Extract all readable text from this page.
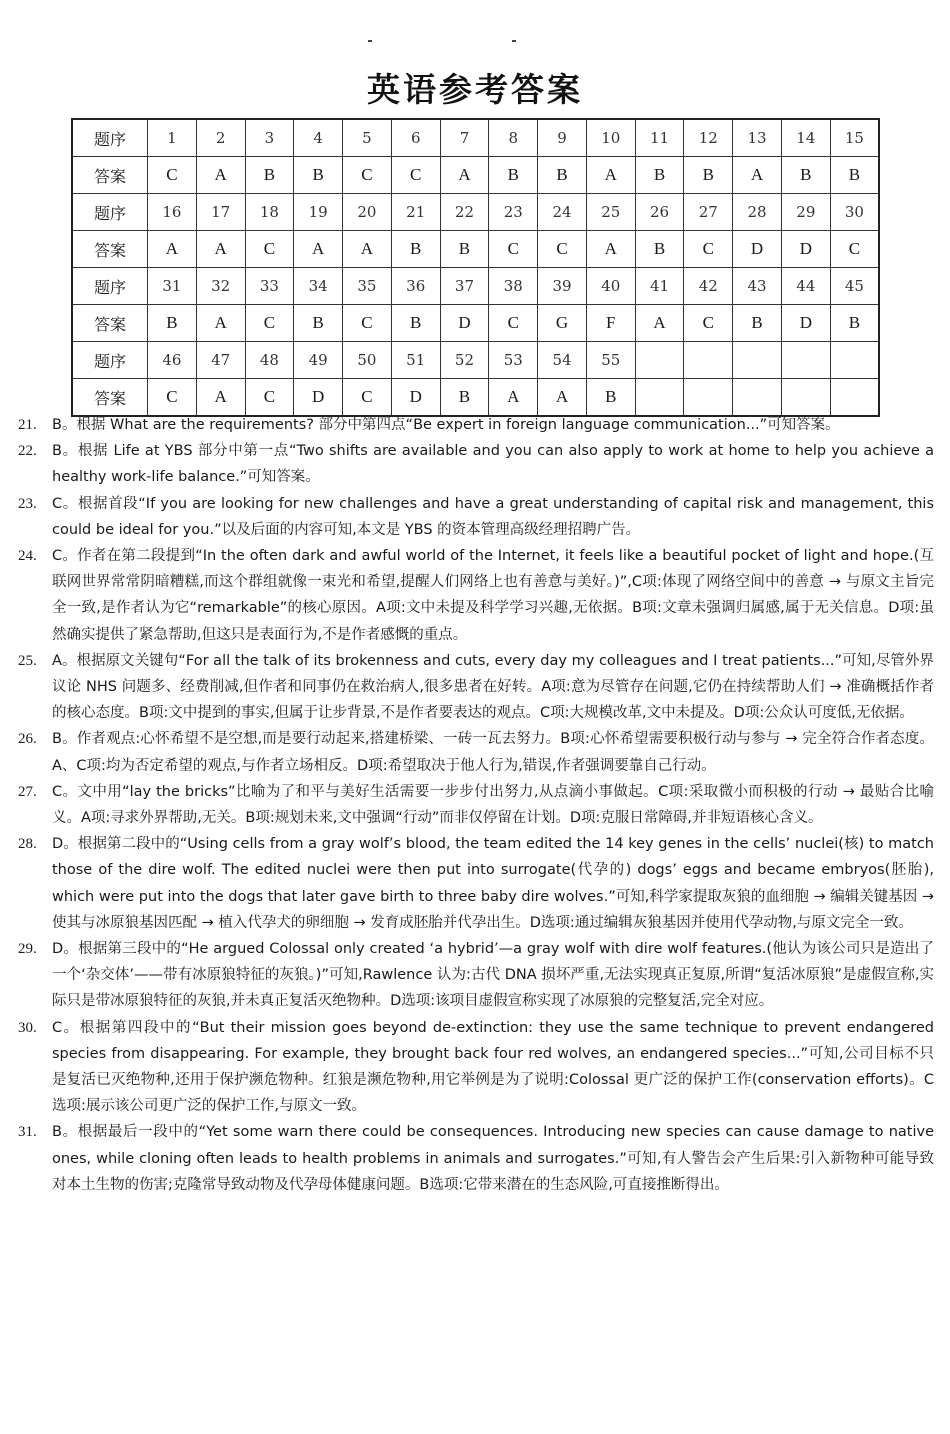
英语参考答案
题序	1	2	3	4	5	6	7	8	9	10	11	12	13	14	15
答案	C	A	B	B	C	C	A	B	B	A	B	B	A	B	B
题序	16	17	18	19	20	21	22	23	24	25	26	27	28	29	30
答案	A	A	C	A	A	B	B	C	C	A	B	C	D	D	C
题序	31	32	33	34	35	36	37	38	39	40	41	42	43	44	45
答案	B	A	C	B	C	B	D	C	G	F	A	C	B	D	B
题序	46	47	48	49	50	51	52	53	54	55					
答案	C	A	C	D	C	D	B	A	A	B					
21. B。根据 What are the requirements? 部分中第四点“Be expert in foreign language communication...”可知答案。
22. B。根据 Life at YBS 部分中第一点“Two shifts are available and you can also apply to work at home to help you achieve a healthy work-life balance.”可知答案。
23. C。根据首段“If you are looking for new challenges and have a great understanding of capital risk and management, this could be ideal for you.”以及后面的内容可知,本文是 YBS 的资本管理高级经理招聘广告。
24. C。作者在第二段提到“In the often dark and awful world of the Internet, it feels like a beautiful pocket of light and hope.(互联网世界常常阴暗糟糕,而这个群组就像一束光和希望,提醒人们网络上也有善意与美好。)”,C项:体现了网络空间中的善意 → 与原文主旨完全一致,是作者认为它“remarkable”的核心原因。A项:文中未提及科学学习兴趣,无依据。B项:文章未强调归属感,属于无关信息。D项:虽然确实提供了紧急帮助,但这只是表面行为,不是作者感慨的重点。
25. A。根据原文关键句“For all the talk of its brokenness and cuts, every day my colleagues and I treat patients...”可知,尽管外界议论 NHS 问题多、经费削减,但作者和同事仍在救治病人,很多患者在好转。A项:意为尽管存在问题,它仍在持续帮助人们 → 准确概括作者的核心态度。B项:文中提到的事实,但属于让步背景,不是作者要表达的观点。C项:大规模改革,文中未提及。D项:公众认可度低,无依据。
26. B。作者观点:心怀希望不是空想,而是要行动起来,搭建桥梁、一砖一瓦去努力。B项:心怀希望需要积极行动与参与 → 完全符合作者态度。A、C项:均为否定希望的观点,与作者立场相反。D项:希望取决于他人行为,错误,作者强调要靠自己行动。
27. C。文中用“lay the bricks”比喻为了和平与美好生活需要一步步付出努力,从点滴小事做起。C项:采取微小而积极的行动 → 最贴合比喻义。A项:寻求外界帮助,无关。B项:规划未来,文中强调“行动”而非仅停留在计划。D项:克服日常障碍,并非短语核心含义。
28. D。根据第二段中的“Using cells from a gray wolf’s blood, the team edited the 14 key genes in the cells’ nuclei(核) to match those of the dire wolf. The edited nuclei were then put into surrogate(代孕的) dogs’ eggs and became embryos(胚胎), which were put into the dogs that later gave birth to three baby dire wolves.”可知,科学家提取灰狼的血细胞 → 编辑关键基因 → 使其与冰原狼基因匹配 → 植入代孕犬的卵细胞 → 发育成胚胎并代孕出生。D选项:通过编辑灰狼基因并使用代孕动物,与原文完全一致。
29. D。根据第三段中的“He argued Colossal only created ‘a hybrid’—a gray wolf with dire wolf features.(他认为该公司只是造出了一个‘杂交体’——带有冰原狼特征的灰狼。)”可知,Rawlence 认为:古代 DNA 损坏严重,无法实现真正复原,所谓“复活冰原狼”是虚假宣称,实际只是带冰原狼特征的灰狼,并未真正复活灭绝物种。D选项:该项目虚假宣称实现了冰原狼的完整复活,完全对应。
30. C。根据第四段中的“But their mission goes beyond de-extinction: they use the same technique to prevent endangered species from disappearing. For example, they brought back four red wolves, an endangered species...”可知,公司目标不只是复活已灭绝物种,还用于保护濒危物种。红狼是濒危物种,用它举例是为了说明:Colossal 更广泛的保护工作(conservation efforts)。C选项:展示该公司更广泛的保护工作,与原文一致。
31. B。根据最后一段中的“Yet some warn there could be consequences. Introducing new species can cause damage to native ones, while cloning often leads to health problems in animals and surrogates.”可知,有人警告会产生后果:引入新物种可能导致对本土生物的伤害;克隆常导致动物及代孕母体健康问题。B选项:它带来潜在的生态风险,可直接推断得出。
